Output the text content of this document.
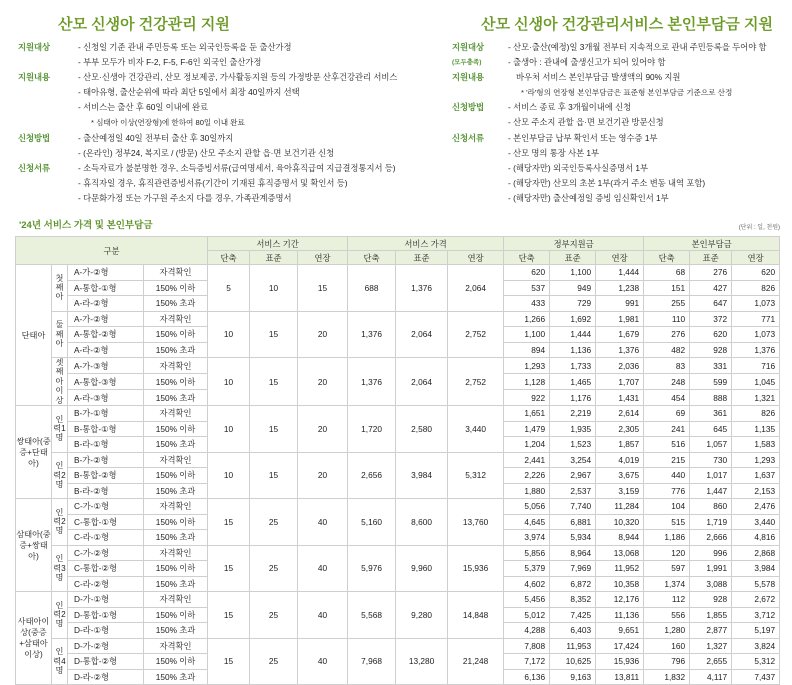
산모 신생아 건강관리 지원	산모 신생아 건강관리서비스 본인부담금 지원
지원대상	- 신청일 기준 관내 주민등록 또는 외국인등록을 둔 출산가정
- 부부 모두가 비자 F-2, F-5, F-6인 외국인 출산가정
지원내용	- 산모·신생아 건강관리, 산모 정보제공, 가사활동지원 등의 가정방문 산후건강관리 서비스
- 태아유형, 출산순위에 따라 최단 5일에서 최장 40일까지 선택
- 서비스는 출산 후 60일 이내에 완료
* 심태아 이상(연장형)에 한하여 80일 이내 완료
신청방법	- 출산예정일 40일 전부터 출산 후 30일까지
- (온라인) 정부24, 복지로 / (방문) 산모 주소지 관할 읍·면 보건기관 신청
신청서류	- 소득자료가 불분명한 경우, 소득증빙서류(급여명세서, 육아휴직급여 지급결정통지서 등)
- 휴직자일 경우, 휴직관련증빙서류(기간이 기재된 휴직증명서 및 확인서 등)
- 다문화가정 또는 가구원 주소지 다를 경우, 가족관계증명서
지원대상	- 산모·출산(예정)일 3개월 전부터 지속적으로 관내 주민등록을 두어야 함
(모두충족)	- 출생아 : 관내에 출생신고가 되어 있어야 함
지원내용	바우처 서비스 본인부담금 발생액의 90% 지원
* '라'형의 연장형 본인부담금은 표준형 본인부담금 기준으로 산정
신청방법	- 서비스 종료 후 3개월이내에 신청
- 산모 주소지 관할 읍·면 보건기관 방문신청
신청서류	- 본인부담금 납부 확인서 또는 영수증 1부
- 산모 명의 통장 사본 1부
- (해당자만) 외국인등록사실증명서 1부
- (해당자만) 산모의 초본 1부(과거 주소 변동 내역 포함)
- (해당자만) 출산예정일 증빙 임신확인서 1부
'24년 서비스 가격 및 본인부담금	(단위 : 일, 천원)
구분				서비스 기간			서비스 가격			정부지원금			본인부담금		
				단축	표준	연장	단축	표준	연장	단축	표준	연장	단축	표준	연장
단태아	첫째아	A-가-②형	자격확인	5	10	15	688	1,376	2,064	620	1,100	1,444	68	276	620
		A-통합-①형	150% 이하							537	949	1,238	151	427	826
		A-라-②형	150% 초과							433	729	991	255	647	1,073
	둘째아	A-가-②형	자격확인	10	15	20	1,376	2,064	2,752	1,266	1,692	1,981	110	372	771
		A-통합-②형	150% 이하							1,100	1,444	1,679	276	620	1,073
		A-라-②형	150% 초과							894	1,136	1,376	482	928	1,376
	셋째아이상	A-가-③형	자격확인	10	15	20	1,376	2,064	2,752	1,293	1,733	2,036	83	331	716
		A-통합-③형	150% 이하							1,128	1,465	1,707	248	599	1,045
		A-라-③형	150% 초과							922	1,176	1,431	454	888	1,321
쌍태아(중증+단태아)	인력1명	B-가-①형	자격확인	10	15	20	1,720	2,580	3,440	1,651	2,219	2,614	69	361	826
		B-통합-①형	150% 이하							1,479	1,935	2,305	241	645	1,135
		B-라-①형	150% 초과							1,204	1,523	1,857	516	1,057	1,583
	인력2명	B-가-②형	자격확인	10	15	20	2,656	3,984	5,312	2,441	3,254	4,019	215	730	1,293
		B-통합-②형	150% 이하							2,226	2,967	3,675	440	1,017	1,637
		B-라-②형	150% 초과							1,880	2,537	3,159	776	1,447	2,153
삼태아(중증+쌍태아)	인력2명	C-가-①형	자격확인	15	25	40	5,160	8,600	13,760	5,056	7,740	11,284	104	860	2,476
		C-통합-①형	150% 이하							4,645	6,881	10,320	515	1,719	3,440
		C-라-①형	150% 초과							3,974	5,934	8,944	1,186	2,666	4,816
	인력3명	C-가-②형	자격확인	15	25	40	5,976	9,960	15,936	5,856	8,964	13,068	120	996	2,868
		C-통합-②형	150% 이하							5,379	7,969	11,952	597	1,991	3,984
		C-라-②형	150% 초과							4,602	6,872	10,358	1,374	3,088	5,578
사태아이상(중증+삼태아이상)	인력2명	D-가-①형	자격확인	15	25	40	5,568	9,280	14,848	5,456	8,352	12,176	112	928	2,672
		D-통합-①형	150% 이하							5,012	7,425	11,136	556	1,855	3,712
		D-라-①형	150% 초과							4,288	6,403	9,651	1,280	2,877	5,197
	인력4명	D-가-②형	자격확인	15	25	40	7,968	13,280	21,248	7,808	11,953	17,424	160	1,327	3,824
		D-통합-②형	150% 이하							7,172	10,625	15,936	796	2,655	5,312
		D-라-②형	150% 초과							6,136	9,163	13,811	1,832	4,117	7,437
